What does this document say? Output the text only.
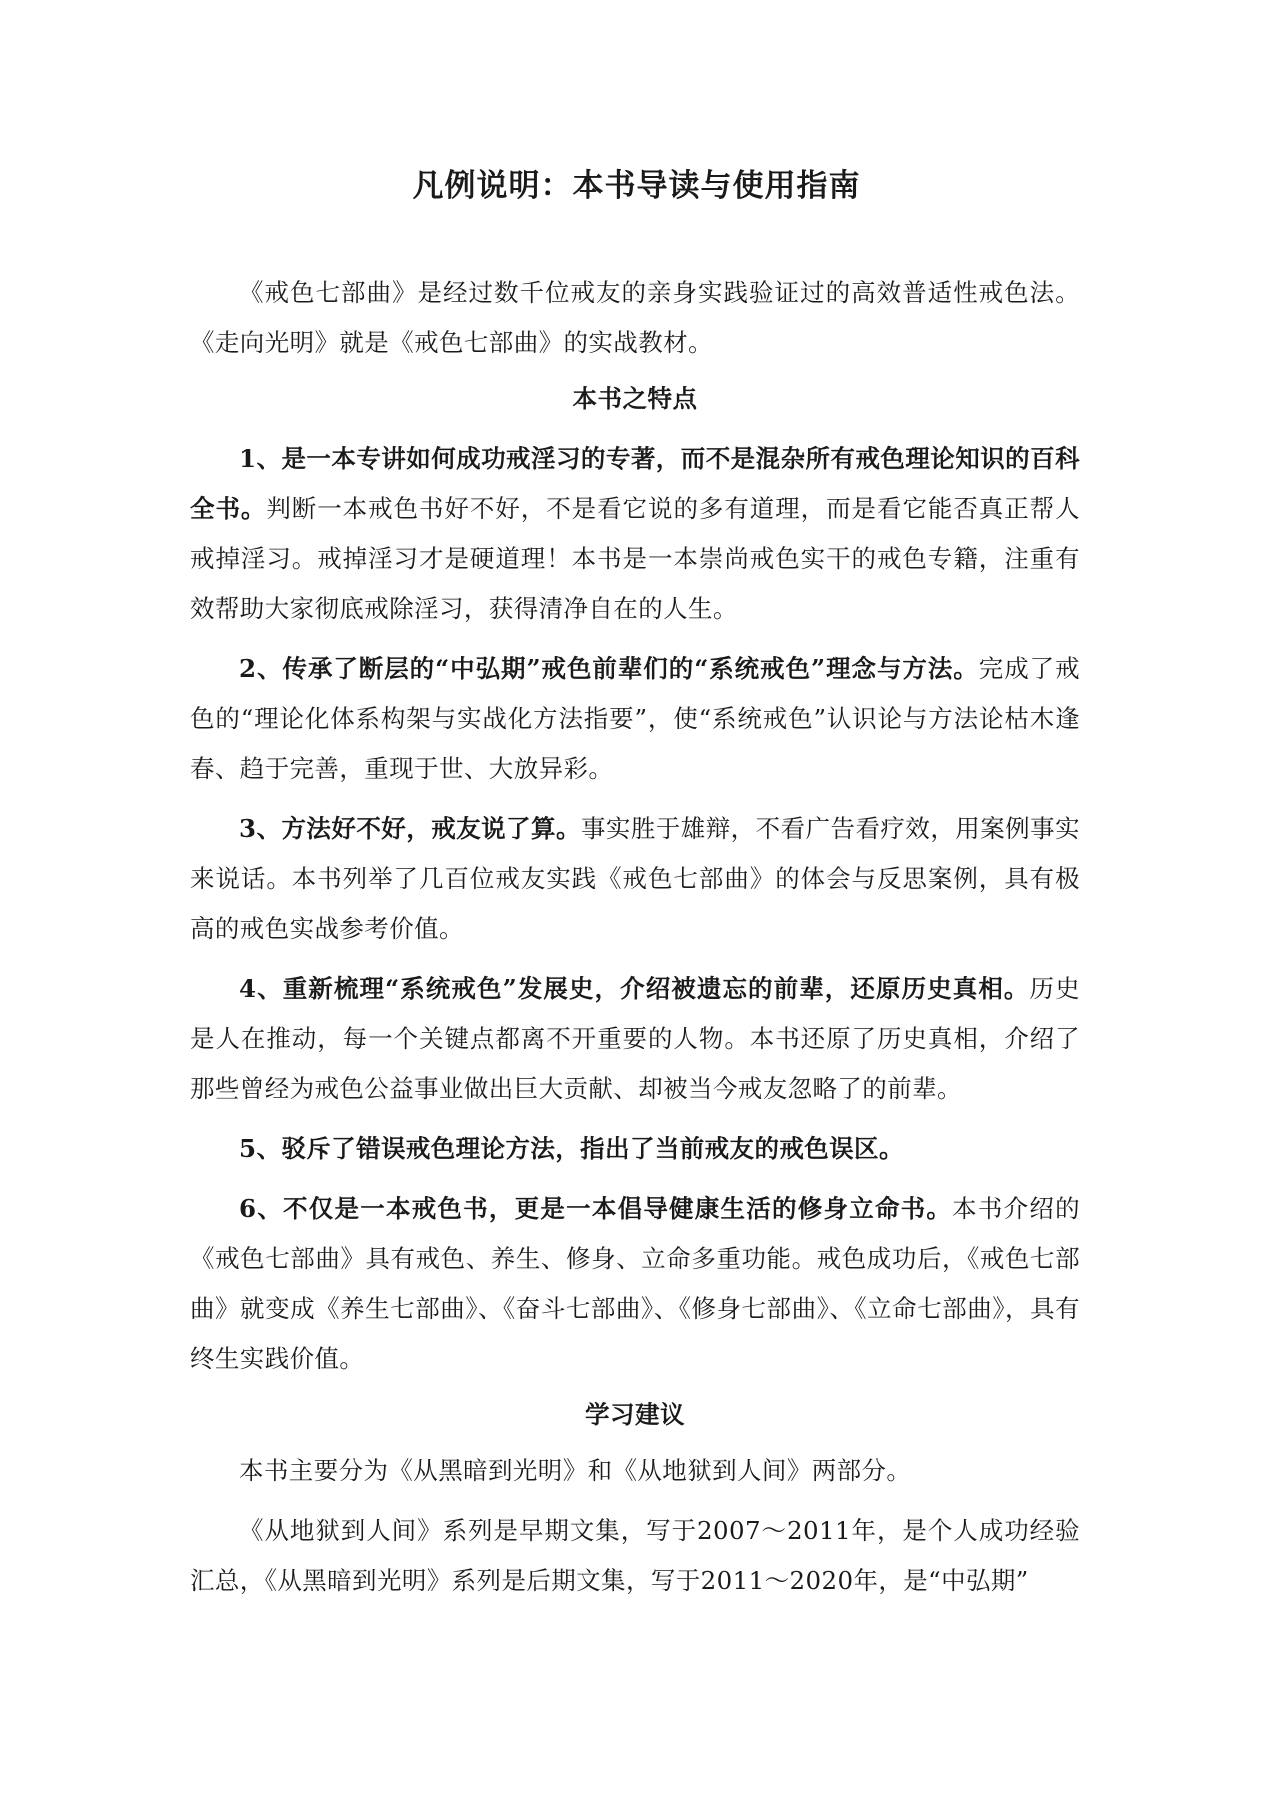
凡例说明：本书导读与使用指南

《戒色七部曲》是经过数千位戒友的亲身实践验证过的高效普适性戒色法。《走向光明》就是《戒色七部曲》的实战教材。

本书之特点

1、是一本专讲如何成功戒淫习的专著，而不是混杂所有戒色理论知识的百科全书。判断一本戒色书好不好，不是看它说的多有道理，而是看它能否真正帮人戒掉淫习。戒掉淫习才是硬道理！本书是一本崇尚戒色实干的戒色专籍，注重有效帮助大家彻底戒除淫习，获得清净自在的人生。

2、传承了断层的“中弘期”戒色前辈们的“系统戒色”理念与方法。完成了戒色的“理论化体系构架与实战化方法指要”，使“系统戒色”认识论与方法论枯木逢春、趋于完善，重现于世、大放异彩。

3、方法好不好，戒友说了算。事实胜于雄辩，不看广告看疗效，用案例事实来说话。本书列举了几百位戒友实践《戒色七部曲》的体会与反思案例，具有极高的戒色实战参考价值。

4、重新梳理“系统戒色”发展史，介绍被遗忘的前辈，还原历史真相。历史是人在推动，每一个关键点都离不开重要的人物。本书还原了历史真相，介绍了那些曾经为戒色公益事业做出巨大贡献、却被当今戒友忽略了的前辈。

5、驳斥了错误戒色理论方法，指出了当前戒友的戒色误区。

6、不仅是一本戒色书，更是一本倡导健康生活的修身立命书。本书介绍的《戒色七部曲》具有戒色、养生、修身、立命多重功能。戒色成功后，《戒色七部曲》就变成《养生七部曲》、《奋斗七部曲》、《修身七部曲》、《立命七部曲》，具有终生实践价值。

学习建议

本书主要分为《从黑暗到光明》和《从地狱到人间》两部分。

《从地狱到人间》系列是早期文集，写于2007～2011年，是个人成功经验汇总，《从黑暗到光明》系列是后期文集，写于2011～2020年，是“中弘期”
